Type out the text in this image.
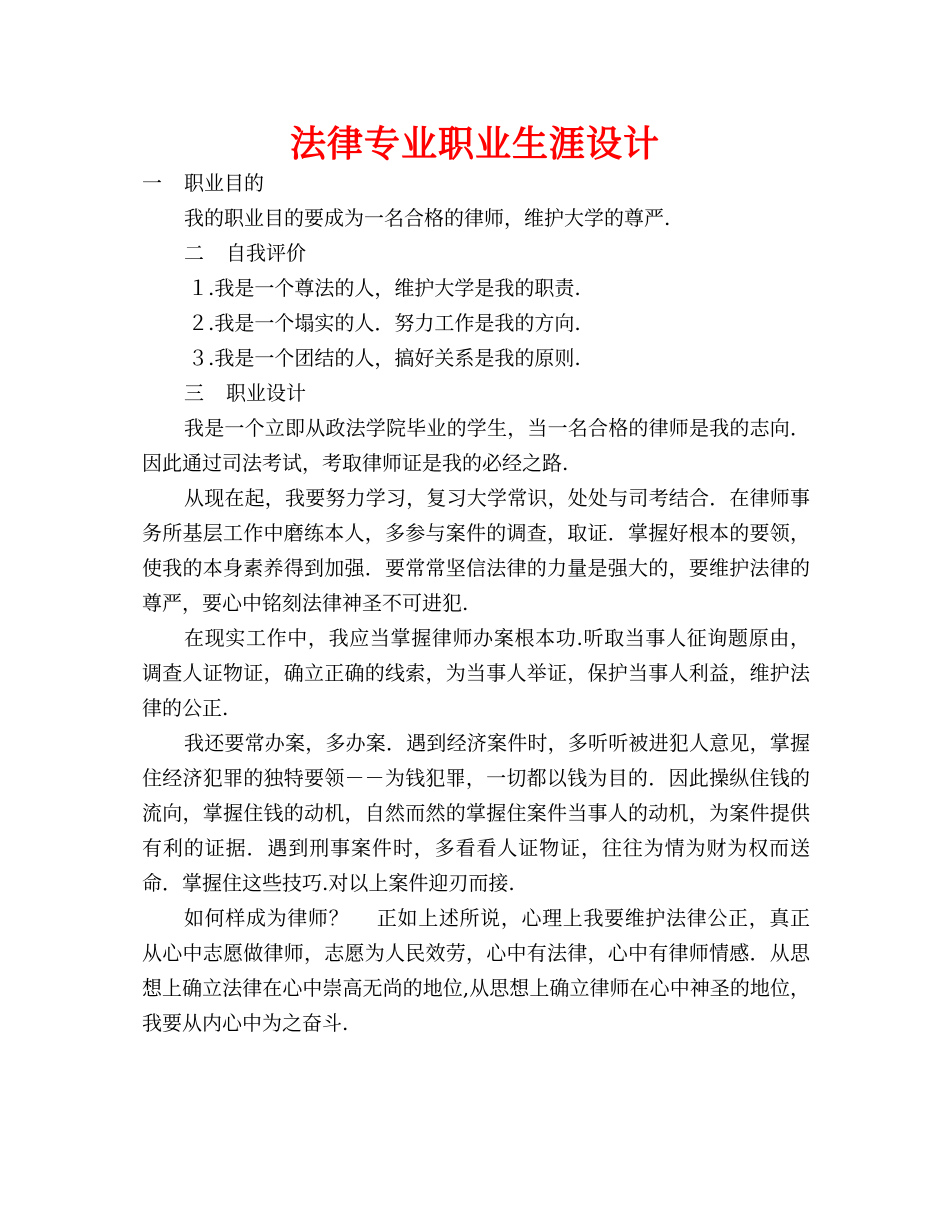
法律专业职业生涯设计
一 职业目的
我的职业目的要成为一名合格的律师，维护大学的尊严.
二 自我评价
１.我是一个尊法的人，维护大学是我的职责.
２.我是一个塌实的人．努力工作是我的方向.
３.我是一个团结的人，搞好关系是我的原则.
三 职业设计

我是一个立即从政法学院毕业的学生，当一名合格的律师是我的志向．因此通过司法考试，考取律师证是我的必经之路.

从现在起，我要努力学习，复习大学常识，处处与司考结合．在律师事务所基层工作中磨练本人，多参与案件的调查，取证．掌握好根本的要领，使我的本身素养得到加强．要常常坚信法律的力量是强大的，要维护法律的尊严，要心中铭刻法律神圣不可进犯.

在现实工作中，我应当掌握律师办案根本功.听取当事人征询题原由，调查人证物证，确立正确的线索，为当事人举证，保护当事人利益，维护法律的公正.

我还要常办案，多办案．遇到经济案件时，多听听被进犯人意见，掌握住经济犯罪的独特要领－－为钱犯罪，一切都以钱为目的．因此操纵住钱的流向，掌握住钱的动机，自然而然的掌握住案件当事人的动机，为案件提供有利的证据．遇到刑事案件时，多看看人证物证，往往为情为财为权而送命．掌握住这些技巧.对以上案件迎刃而接.

如何样成为律师？　 正如上述所说，心理上我要维护法律公正，真正从心中志愿做律师，志愿为人民效劳，心中有法律，心中有律师情感．从思想上确立法律在心中崇高无尚的地位,从思想上确立律师在心中神圣的地位，我要从内心中为之奋斗.
